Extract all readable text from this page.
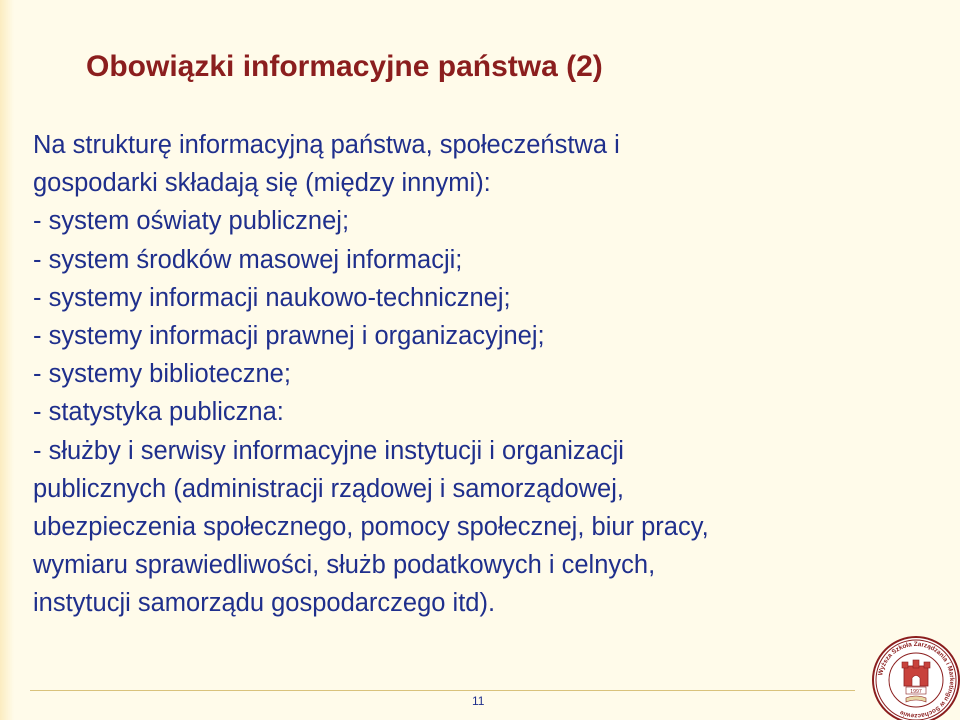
Obowiązki informacyjne państwa (2)
Na strukturę informacyjną państwa, społeczeństwa i
gospodarki składają się (między innymi):
- system oświaty publicznej;
- system środków masowej informacji;
- systemy informacji naukowo-technicznej;
- systemy informacji prawnej i organizacyjnej;
- systemy biblioteczne;
- statystyka publiczna:
- służby i serwisy informacyjne instytucji i organizacji
publicznych (administracji rządowej i samorządowej,
ubezpieczenia społecznego, pomocy społecznej, biur pracy,
wymiaru sprawiedliwości, służb podatkowych i celnych,
instytucji samorządu gospodarczego itd).
11
Wyższa Szkoła Zarządzania i Marketingu w Sochaczewie
1997
